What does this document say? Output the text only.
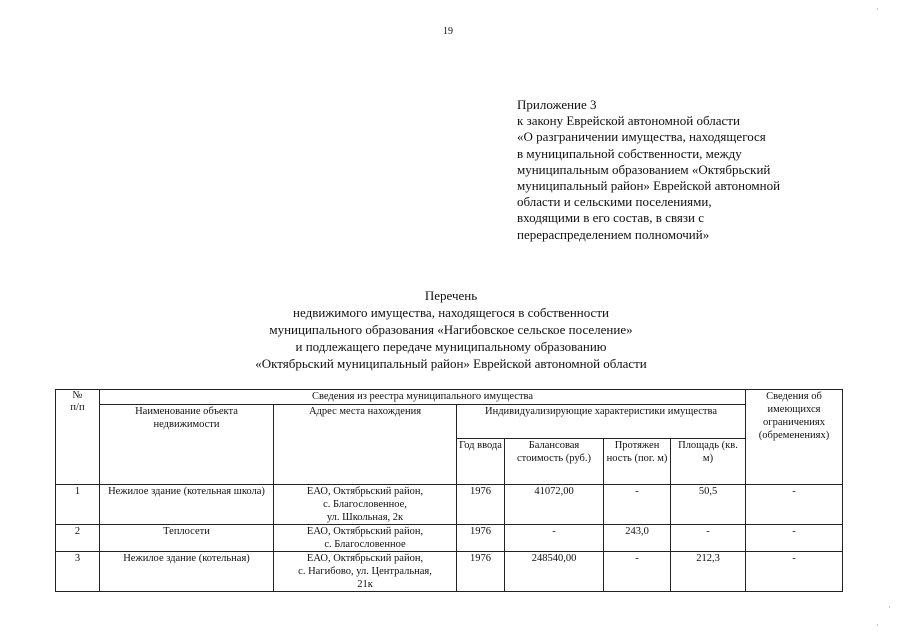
19
Приложение 3
к закону Еврейской автономной области
«О разграничении имущества, находящегося
в муниципальной собственности, между
муниципальным образованием «Октябрьский
муниципальный район» Еврейской автономной
области и сельскими поселениями,
входящими в его состав, в связи с
перераспределением полномочий»
Перечень
недвижимого имущества, находящегося в собственности
муниципального образования «Нагибовское сельское поселение»
и подлежащего передаче муниципальному образованию
«Октябрьский муниципальный район» Еврейской автономной области
№
п/п	Сведения из реестра муниципального имущества						Сведения об имеющихся ограничениях (обременениях)
	Наименование объекта недвижимости	Адрес места нахождения	Индивидуализирующие характеристики имущества				
			Год ввода	Балансовая стоимость (руб.)	Протяжен ность (пог. м)	Площадь (кв. м)	
1	Нежилое здание (котельная школа)	ЕАО, Октябрьский район,
с. Благословенное,
ул. Школьная, 2к	1976	41072,00	-	50,5	-
2	Теплосети	ЕАО, Октябрьский район,
с. Благословенное	1976	-	243,0	-	-
3	Нежилое здание (котельная)	ЕАО, Октябрьский район,
с. Нагибово, ул. Центральная,
21к	1976	248540,00	-	212,3	-
·
·
·
